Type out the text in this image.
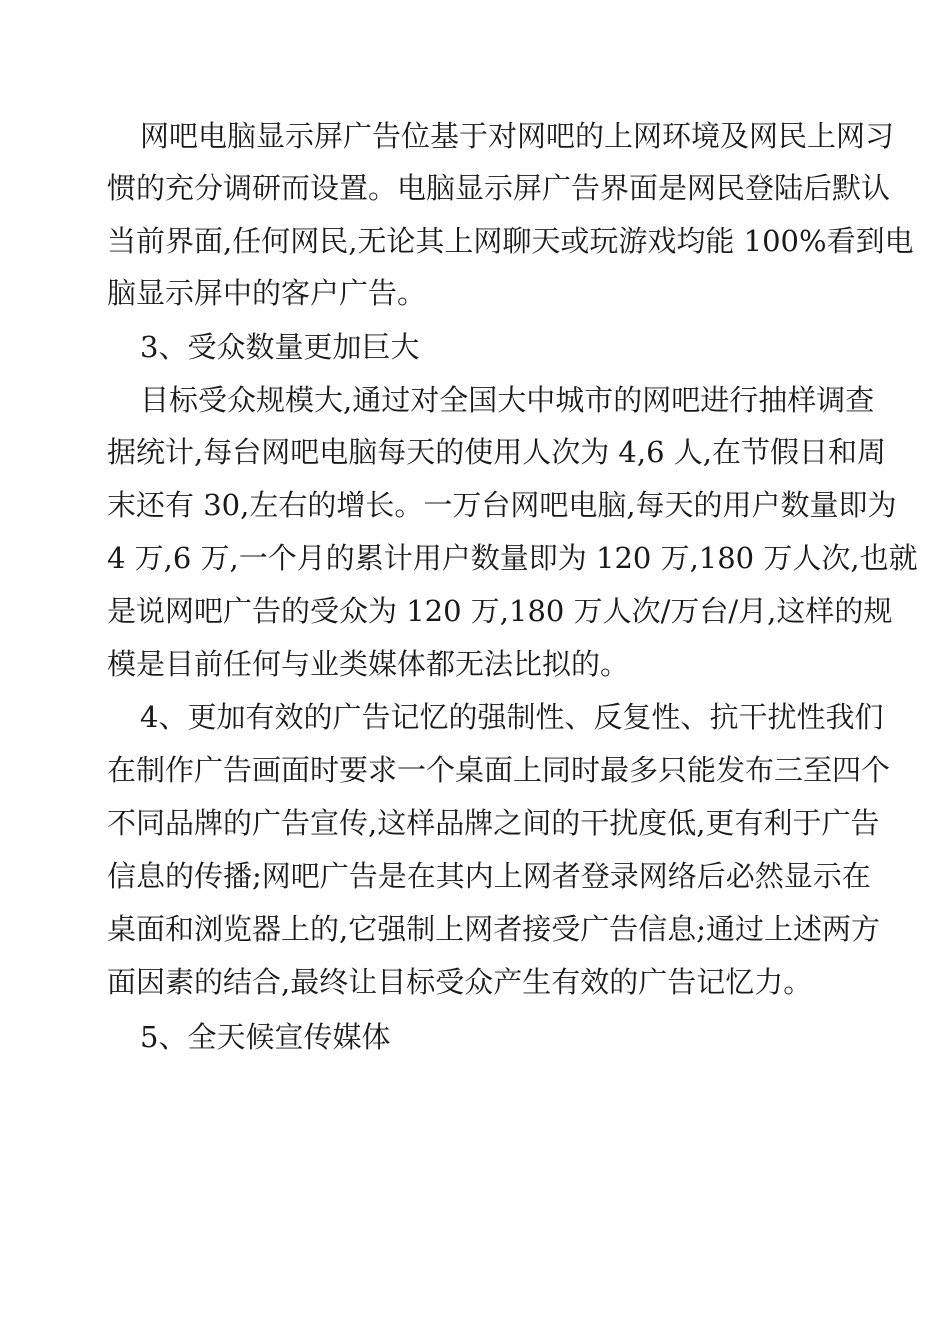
网吧电脑显示屏广告位基于对网吧的上网环境及网民上网习
惯的充分调研而设置。电脑显示屏广告界面是网民登陆后默认
当前界面,任何网民,无论其上网聊天或玩游戏均能 100%看到电
脑显示屏中的客户广告。
3、受众数量更加巨大
目标受众规模大,通过对全国大中城市的网吧进行抽样调查
据统计,每台网吧电脑每天的使用人次为 4,6 人,在节假日和周
末还有 30,左右的增长。一万台网吧电脑,每天的用户数量即为
4 万,6 万,一个月的累计用户数量即为 120 万,180 万人次,也就
是说网吧广告的受众为 120 万,180 万人次/万台/月,这样的规
模是目前任何与业类媒体都无法比拟的。
4、更加有效的广告记忆的强制性、反复性、抗干扰性我们
在制作广告画面时要求一个桌面上同时最多只能发布三至四个
不同品牌的广告宣传,这样品牌之间的干扰度低,更有利于广告
信息的传播;网吧广告是在其内上网者登录网络后必然显示在
桌面和浏览器上的,它强制上网者接受广告信息;通过上述两方
面因素的结合,最终让目标受众产生有效的广告记忆力。
5、全天候宣传媒体
